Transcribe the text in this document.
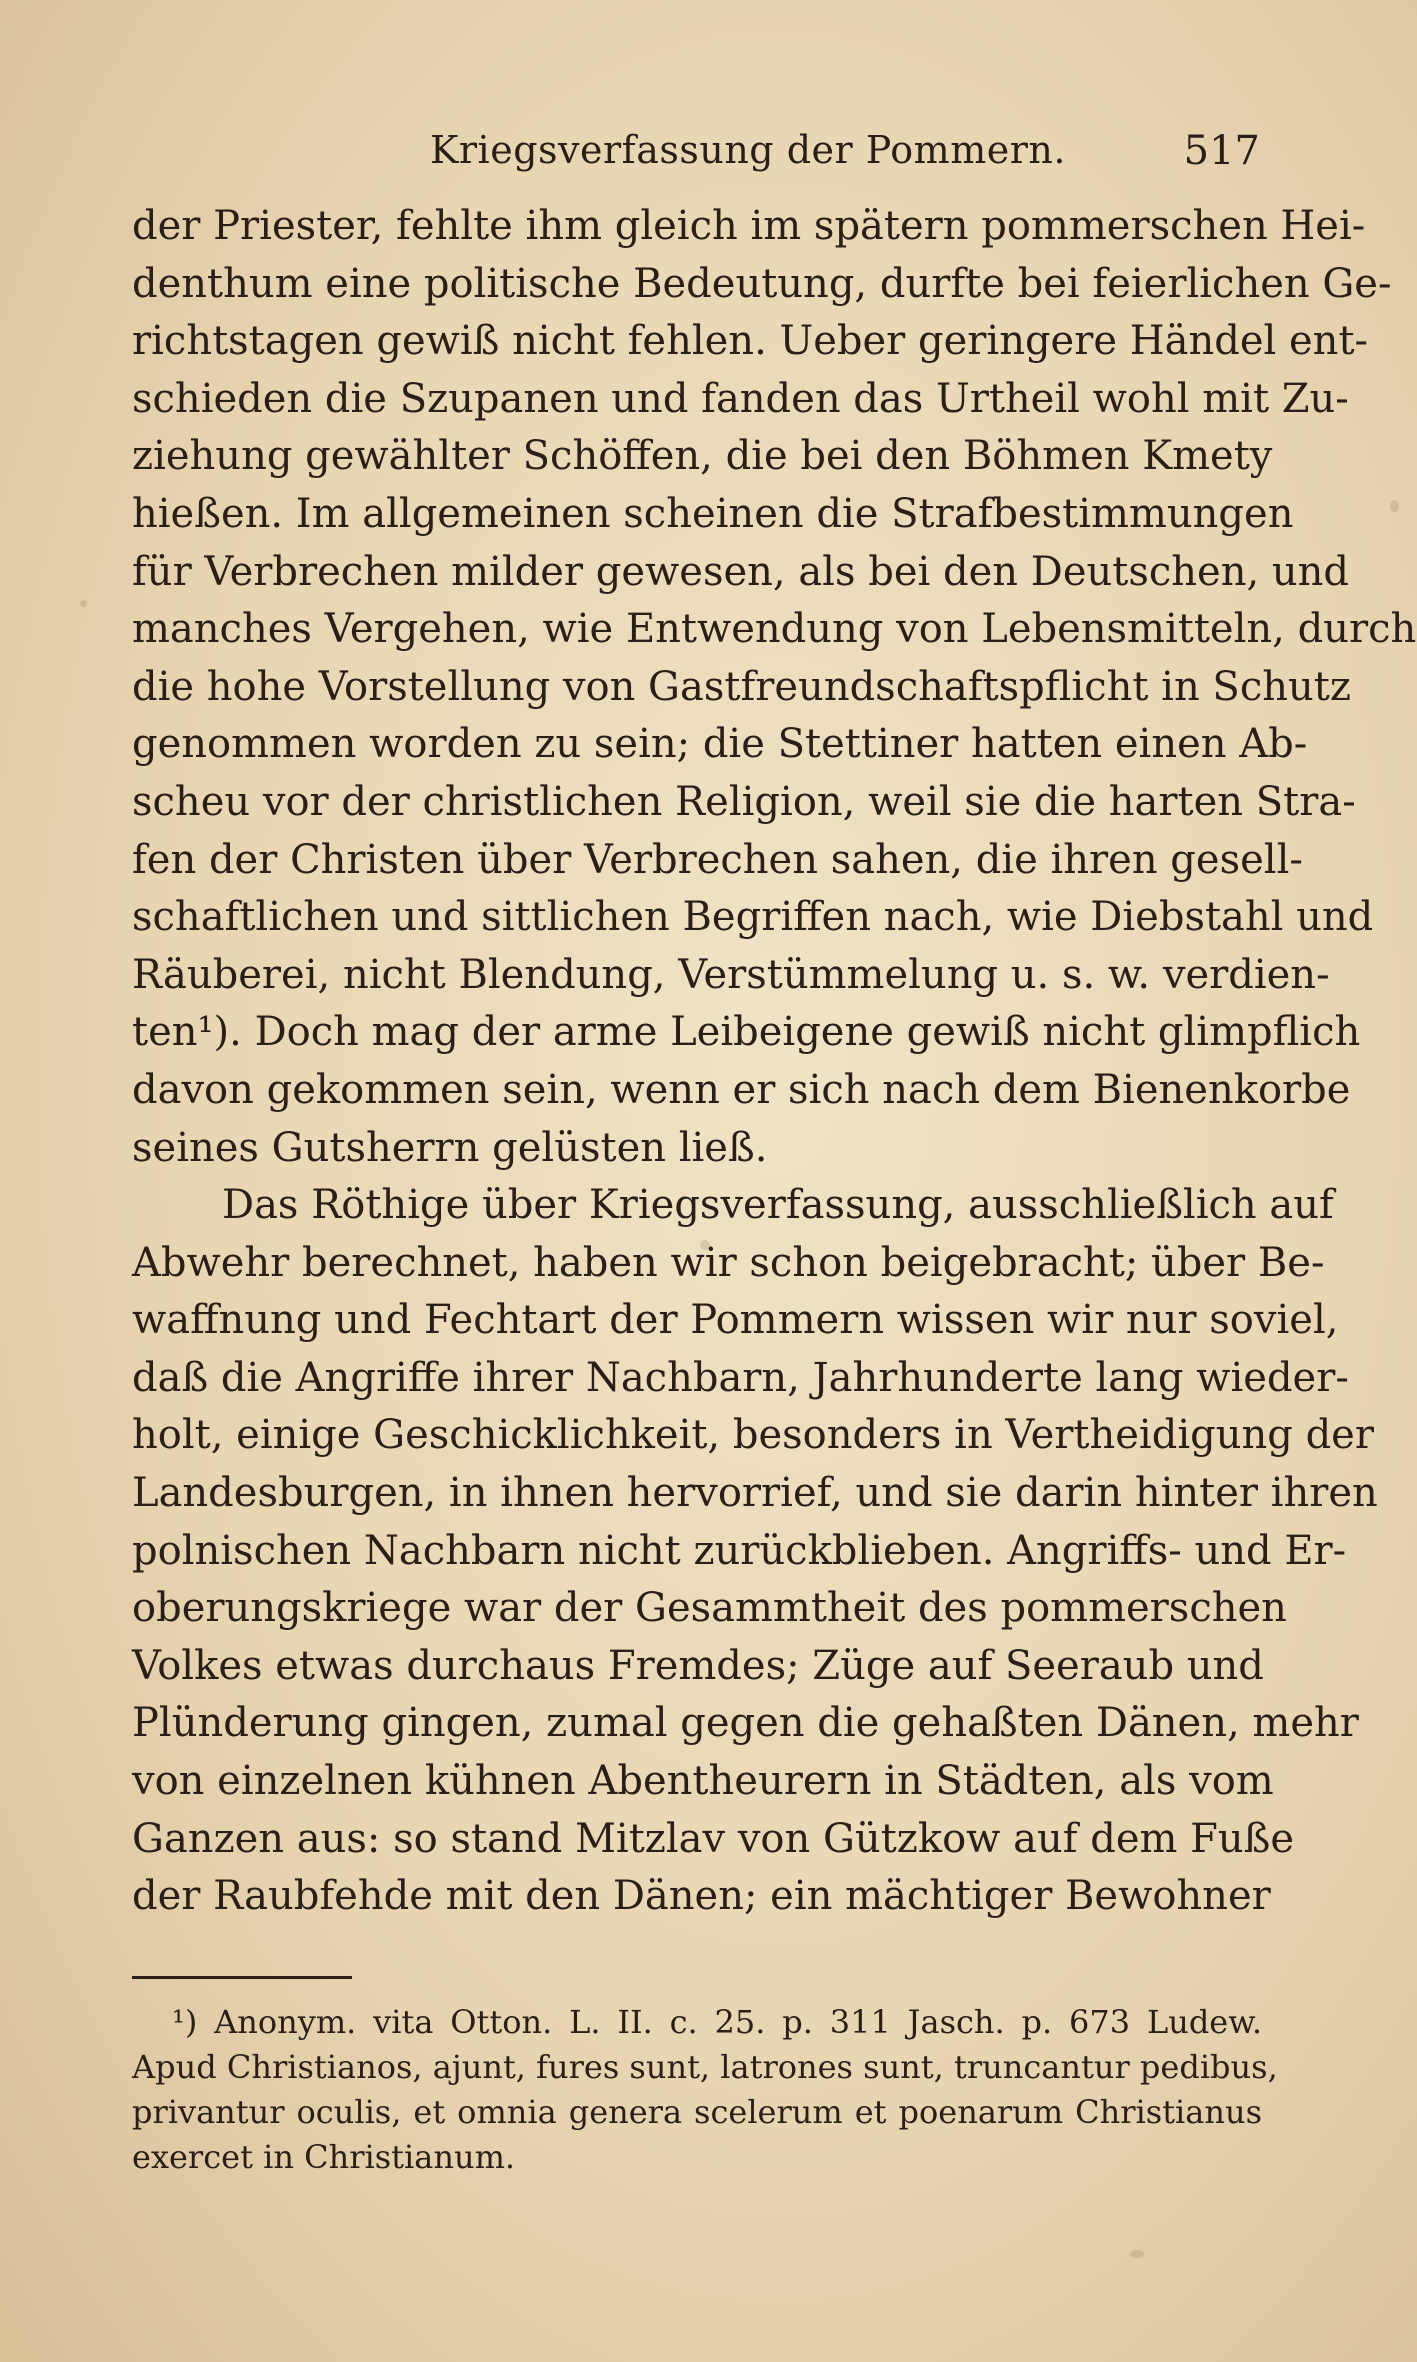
Kriegsverfassung der Pommern.	517
der Priester, fehlte ihm gleich im spätern pommerschen Hei-
denthum eine politische Bedeutung, durfte bei feierlichen Ge-
richtstagen gewiß nicht fehlen. Ueber geringere Händel ent-
schieden die Szupanen und fanden das Urtheil wohl mit Zu-
ziehung gewählter Schöffen, die bei den Böhmen Kmety
hießen. Im allgemeinen scheinen die Strafbestimmungen
für Verbrechen milder gewesen, als bei den Deutschen, und
manches Vergehen, wie Entwendung von Lebensmitteln, durch
die hohe Vorstellung von Gastfreundschaftspflicht in Schutz
genommen worden zu sein; die Stettiner hatten einen Ab-
scheu vor der christlichen Religion, weil sie die harten Stra-
fen der Christen über Verbrechen sahen, die ihren gesell-
schaftlichen und sittlichen Begriffen nach, wie Diebstahl und
Räuberei, nicht Blendung, Verstümmelung u. s. w. verdien-
ten¹). Doch mag der arme Leibeigene gewiß nicht glimpflich
davon gekommen sein, wenn er sich nach dem Bienenkorbe
seines Gutsherrn gelüsten ließ.
Das Röthige über Kriegsverfassung, ausschließlich auf
Abwehr berechnet, haben wir schon beigebracht; über Be-
waffnung und Fechtart der Pommern wissen wir nur soviel,
daß die Angriffe ihrer Nachbarn, Jahrhunderte lang wieder-
holt, einige Geschicklichkeit, besonders in Vertheidigung der
Landesburgen, in ihnen hervorrief, und sie darin hinter ihren
polnischen Nachbarn nicht zurückblieben. Angriffs- und Er-
oberungskriege war der Gesammtheit des pommerschen
Volkes etwas durchaus Fremdes; Züge auf Seeraub und
Plünderung gingen, zumal gegen die gehaßten Dänen, mehr
von einzelnen kühnen Abentheurern in Städten, als vom
Ganzen aus: so stand Mitzlav von Gützkow auf dem Fuße
der Raubfehde mit den Dänen; ein mächtiger Bewohner
¹) Anonym. vita Otton. L. II. c. 25. p. 311 Jasch. p. 673 Ludew.
Apud Christianos, ajunt, fures sunt, latrones sunt, truncantur pedibus,
privantur oculis, et omnia genera scelerum et poenarum Christianus
exercet in Christianum.
